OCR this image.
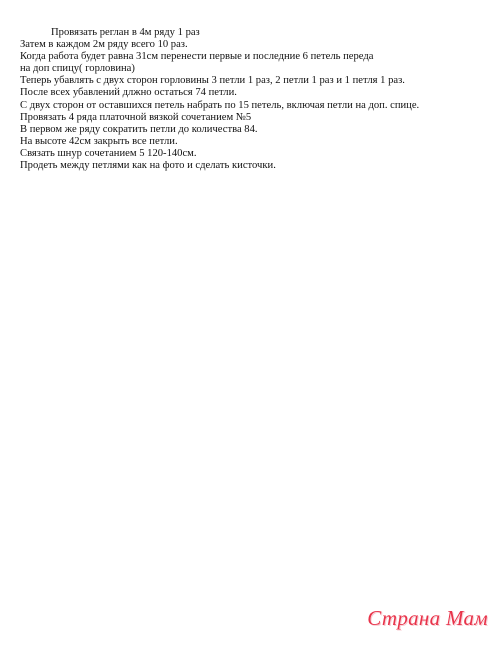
Провязать реглан в 4м ряду 1 раз
Затем в каждом 2м ряду всего 10 раз.
Когда работа будет равна 31см перенести первые и последние 6 петель переда
на доп спицу( горловина)
Теперь убавлять с двух сторон горловины 3 петли 1 раз, 2 петли 1 раз и 1 петля 1 раз.
После всех убавлений длжно остаться 74 петли.
С двух сторон от оставшихся петель набрать по 15 петель, включая петли на доп. спице.
Провязать 4 ряда платочной вязкой сочетанием №5
В первом же ряду сократить петли до количества 84.
На высоте 42см закрыть все петли.
Связать шнур сочетанием 5 120-140см.
Продеть между петлями как на фото и сделать кисточки.
Страна Мам
